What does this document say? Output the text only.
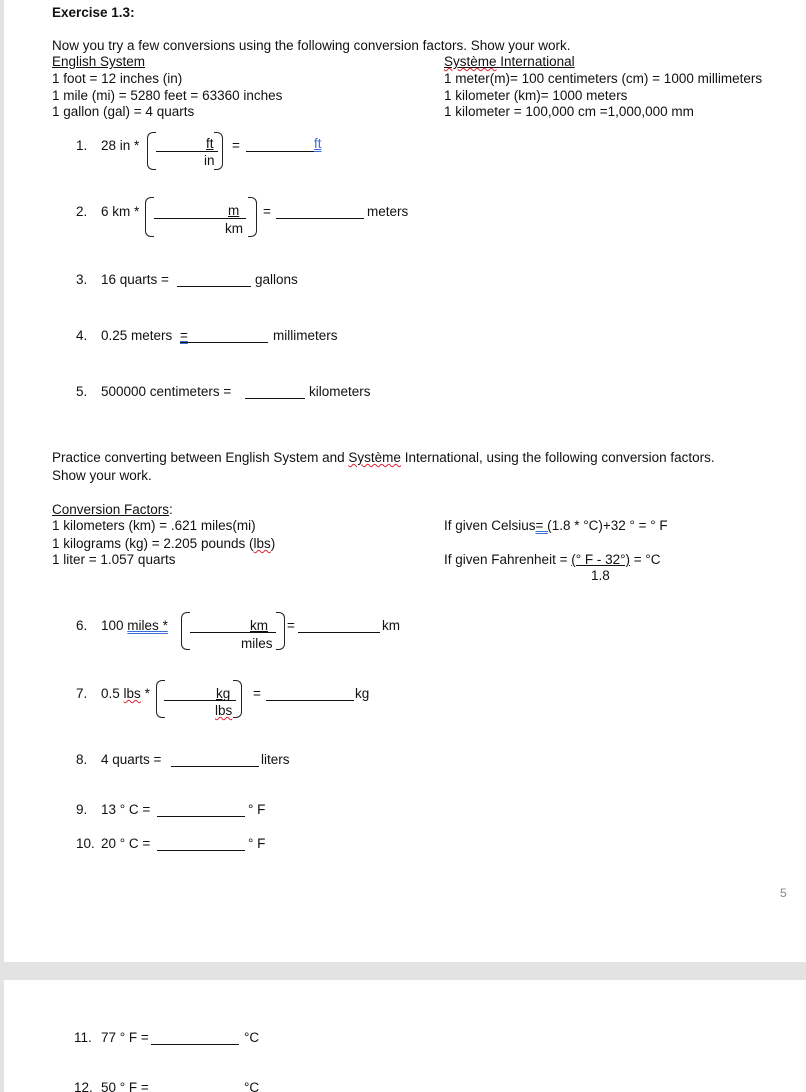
Exercise 1.3:
Now you try a few conversions using the following conversion factors. Show your work.
English System
1 foot = 12 inches (in)
1 mile (mi) = 5280 feet = 63360 inches
1 gallon (gal) = 4 quarts
Système International
1 meter(m)= 100 centimeters (cm) = 1000 millimeters
1 kilometer (km)= 1000 meters
1 kilometer = 100,000 cm =1,000,000 mm
1. 28 in *	ft
in
=	ft
2. 6 km *	m
km
=	meters
3. 16 quarts =	gallons
4. 0.25 meters =	millimeters
5. 500000 centimeters =	kilometers
Practice converting between English System and Système International, using the following conversion factors.
Show your work.
Conversion Factors:
1 kilometers (km) = .621 miles(mi)
1 kilograms (kg) = 2.205 pounds (lbs)
1 liter = 1.057 quarts
If given Celsius= (1.8 * °C)+32 ° = ° F
If given Fahrenheit = (° F - 32°) = °C
1.8
6. 100 miles *	km
miles
=	km
7. 0.5 lbs *	kg
lbs
=	kg
8. 4 quarts =	liters
9. 13 ° C =	° F
10. 20 ° C =	° F
5
11. 77 ° F =	°C
12. 50 ° F =	°C
